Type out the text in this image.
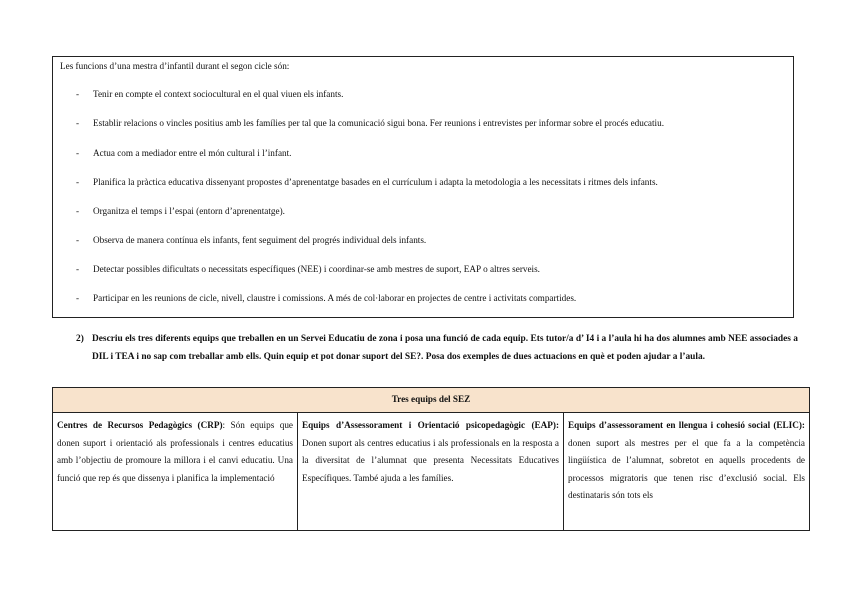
Les funcions d’una mestra d’infantil durant el segon cicle són:
- Tenir en compte el context sociocultural en el qual viuen els infants.
- Establir relacions o vincles positius amb les famílies per tal que la comunicació sigui bona. Fer reunions i entrevistes per informar sobre el procés educatiu.
- Actua com a mediador entre el món cultural i l’infant.
- Planifica la pràctica educativa dissenyant propostes d’aprenentatge basades en el currículum i adapta la metodologia a les necessitats i ritmes dels infants.
- Organitza el temps i l’espai (entorn d’aprenentatge).
- Observa de manera contínua els infants, fent seguiment del progrés individual dels infants.
- Detectar possibles dificultats o necessitats específiques (NEE) i coordinar-se amb mestres de suport, EAP o altres serveis.
- Participar en les reunions de cicle, nivell, claustre i comissions. A més de col·laborar en projectes de centre i activitats compartides.
2) Descriu els tres diferents equips que treballen en un Servei Educatiu de zona i posa una funció de cada equip. Ets tutor/a d’ I4 i a l’aula hi ha dos alumnes amb NEE associades a DIL i TEA i no sap com treballar amb ells. Quin equip et pot donar suport del SE?. Posa dos exemples de dues actuacions en què et poden ajudar a l’aula.
Tres equips del SEZ
Centres de Recursos Pedagògics (CRP): Són equips que donen suport i orientació als professionals i centres educatius amb l’objectiu de promoure la millora i el canvi educatiu. Una funció que rep és que dissenya i planifica la implementació	Equips d’Assessorament i Orientació psicopedagògic (EAP): Donen suport als centres educatius i als professionals en la resposta a la diversitat de l’alumnat que presenta Necessitats Educatives Específiques. També ajuda a les famílies.	Equips d’assessorament en llengua i cohesió social (ELIC): donen suport als mestres per el que fa a la competència lingüística de l’alumnat, sobretot en aquells procedents de processos migratoris que tenen risc d’exclusió social. Els destinataris són tots els
